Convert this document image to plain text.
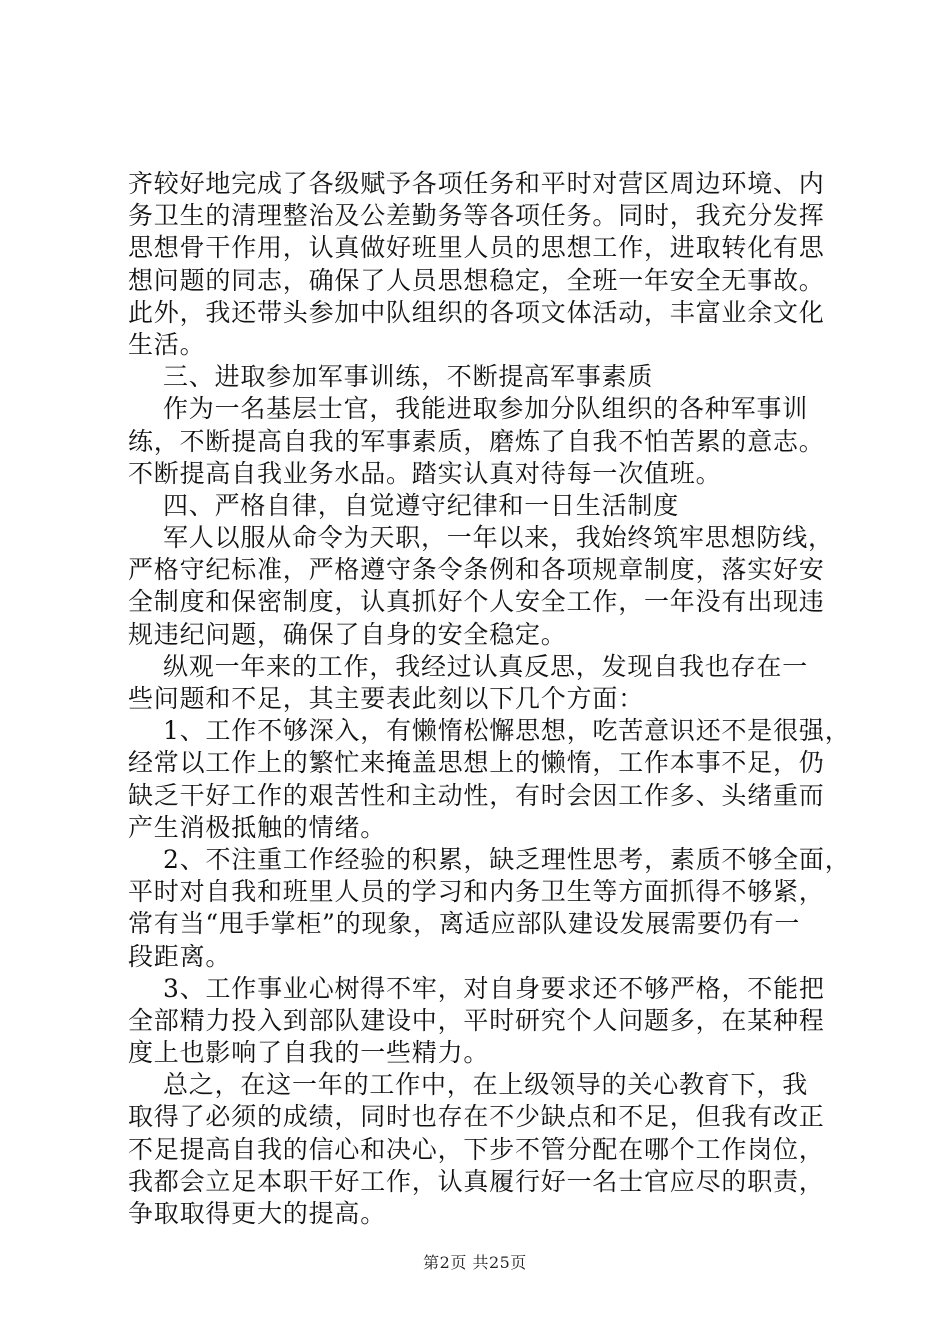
齐较好地完成了各级赋予各项任务和平时对营区周边环境、内
务卫生的清理整治及公差勤务等各项任务。同时，我充分发挥
思想骨干作用，认真做好班里人员的思想工作，进取转化有思
想问题的同志，确保了人员思想稳定，全班一年安全无事故。
此外，我还带头参加中队组织的各项文体活动，丰富业余文化
生活。
三、进取参加军事训练，不断提高军事素质
作为一名基层士官，我能进取参加分队组织的各种军事训
练，不断提高自我的军事素质，磨炼了自我不怕苦累的意志。
不断提高自我业务水品。踏实认真对待每一次值班。
四、严格自律，自觉遵守纪律和一日生活制度
军人以服从命令为天职，一年以来，我始终筑牢思想防线，
严格守纪标准，严格遵守条令条例和各项规章制度，落实好安
全制度和保密制度，认真抓好个人安全工作，一年没有出现违
规违纪问题，确保了自身的安全稳定。
纵观一年来的工作，我经过认真反思，发现自我也存在一
些问题和不足，其主要表此刻以下几个方面：
1、工作不够深入，有懒惰松懈思想，吃苦意识还不是很强，
经常以工作上的繁忙来掩盖思想上的懒惰，工作本事不足，仍
缺乏干好工作的艰苦性和主动性，有时会因工作多、头绪重而
产生消极抵触的情绪。
2、不注重工作经验的积累，缺乏理性思考，素质不够全面，
平时对自我和班里人员的学习和内务卫生等方面抓得不够紧，
常有当“甩手掌柜”的现象，离适应部队建设发展需要仍有一
段距离。
3、工作事业心树得不牢，对自身要求还不够严格，不能把
全部精力投入到部队建设中，平时研究个人问题多，在某种程
度上也影响了自我的一些精力。
总之，在这一年的工作中，在上级领导的关心教育下，我
取得了必须的成绩，同时也存在不少缺点和不足，但我有改正
不足提高自我的信心和决心，下步不管分配在哪个工作岗位，
我都会立足本职干好工作，认真履行好一名士官应尽的职责，
争取取得更大的提高。
第2页 共25页
